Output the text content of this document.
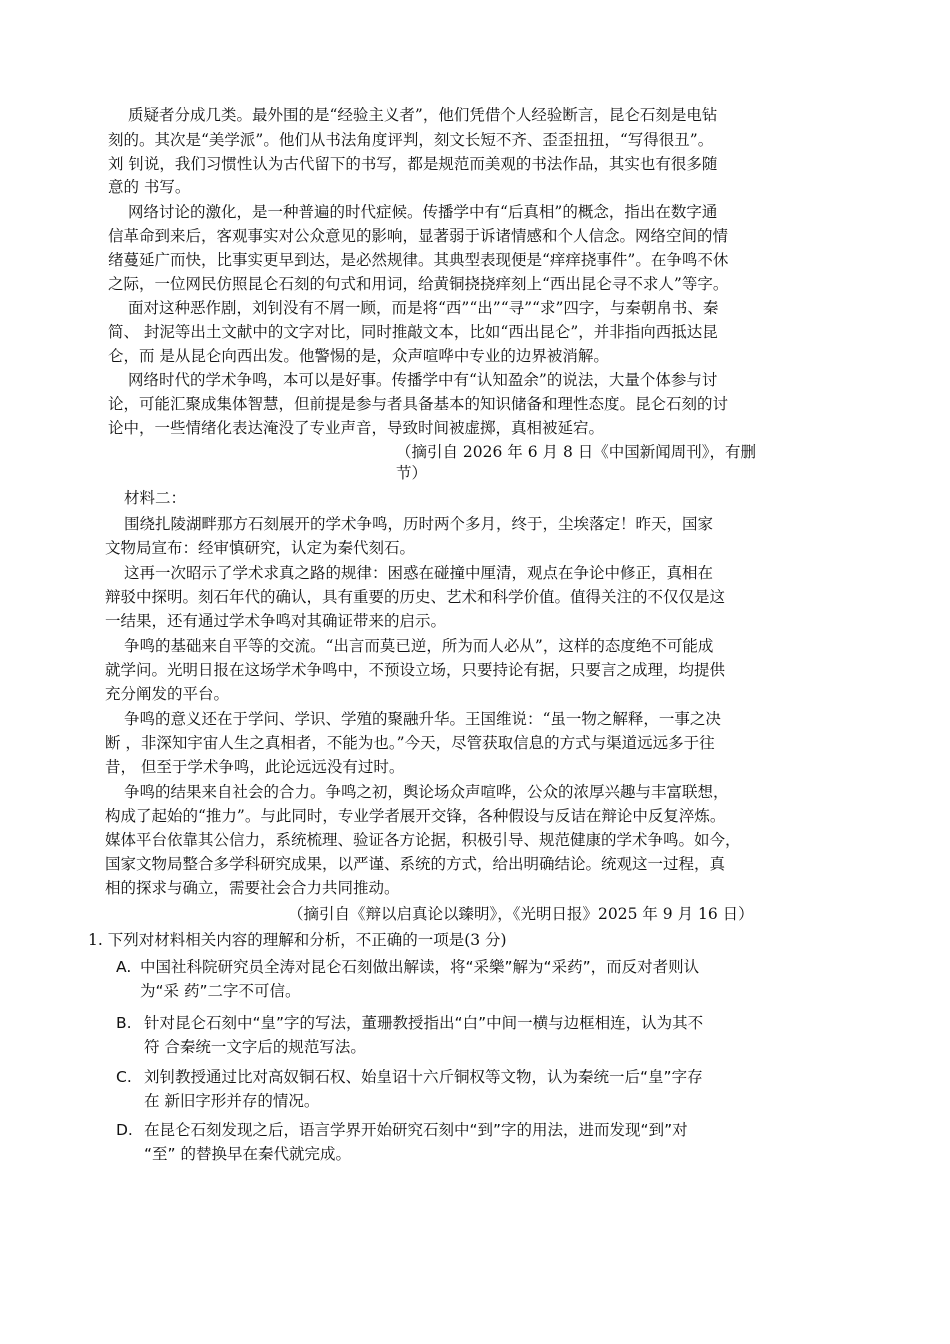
质疑者分成几类。最外围的是“经验主义者”，他们凭借个人经验断言，昆仑石刻是电钻
刻的。其次是“美学派”。他们从书法角度评判，刻文长短不齐、歪歪扭扭，“写得很丑”。
刘 钊说，我们习惯性认为古代留下的书写，都是规范而美观的书法作品，其实也有很多随
意的 书写。
网络讨论的激化，是一种普遍的时代症候。传播学中有“后真相”的概念，指出在数字通
信革命到来后，客观事实对公众意见的影响，显著弱于诉诸情感和个人信念。网络空间的情
绪蔓延广而快，比事实更早到达，是必然规律。其典型表现便是“痒痒挠事件”。在争鸣不休
之际，一位网民仿照昆仑石刻的句式和用词，给黄铜挠挠痒刻上“西出昆仑寻不求人”等字。
面对这种恶作剧，刘钊没有不屑一顾，而是将“西”“出”“寻”“求”四字，与秦朝帛书、秦
简、 封泥等出土文献中的文字对比，同时推敲文本，比如“西出昆仑”，并非指向西抵达昆
仑，而 是从昆仑向西出发。他警惕的是，众声喧哗中专业的边界被消解。
网络时代的学术争鸣，本可以是好事。传播学中有“认知盈余”的说法，大量个体参与讨
论，可能汇聚成集体智慧，但前提是参与者具备基本的知识储备和理性态度。昆仑石刻的讨
论中，一些情绪化表达淹没了专业声音，导致时间被虚掷，真相被延宕。
（摘引自 2026 年 6 月 8 日《中国新闻周刊》，有删
节）
材料二：
围绕扎陵湖畔那方石刻展开的学术争鸣，历时两个多月，终于，尘埃落定！昨天，国家
文物局宣布：经审慎研究，认定为秦代刻石。
这再一次昭示了学术求真之路的规律：困惑在碰撞中厘清，观点在争论中修正，真相在
辩驳中探明。刻石年代的确认，具有重要的历史、艺术和科学价值。值得关注的不仅仅是这
一结果，还有通过学术争鸣对其确证带来的启示。
争鸣的基础来自平等的交流。“出言而莫已逆，所为而人必从”，这样的态度绝不可能成
就学问。光明日报在这场学术争鸣中，不预设立场，只要持论有据，只要言之成理，均提供
充分阐发的平台。
争鸣的意义还在于学问、学识、学殖的聚融升华。王国维说：“虽一物之解释，一事之决
断 ，非深知宇宙人生之真相者，不能为也。”今天，尽管获取信息的方式与渠道远远多于往
昔， 但至于学术争鸣，此论远远没有过时。
争鸣的结果来自社会的合力。争鸣之初，舆论场众声喧哗，公众的浓厚兴趣与丰富联想，
构成了起始的“推力”。与此同时，专业学者展开交锋，各种假设与反诘在辩论中反复淬炼。
媒体平台依靠其公信力，系统梳理、验证各方论据，积极引导、规范健康的学术争鸣。如今，
国家文物局整合多学科研究成果，以严谨、系统的方式，给出明确结论。统观这一过程，真
相的探求与确立，需要社会合力共同推动。
（摘引自《辩以启真论以臻明》，《光明日报》2025 年 9 月 16 日）
1. 下列对材料相关内容的理解和分析，不正确的一项是(3 分)
A. 中国社科院研究员全涛对昆仑石刻做出解读，将“采樂”解为“采药”，而反对者则认
为“采 药”二字不可信。
B. 针对昆仑石刻中“皇”字的写法，董珊教授指出“白”中间一横与边框相连，认为其不
符 合秦统一文字后的规范写法。
C. 刘钊教授通过比对高奴铜石权、始皇诏十六斤铜权等文物，认为秦统一后“皇”字存
在 新旧字形并存的情况。
D. 在昆仑石刻发现之后，语言学界开始研究石刻中“到”字的用法，进而发现“到”对
“至” 的替换早在秦代就完成。
